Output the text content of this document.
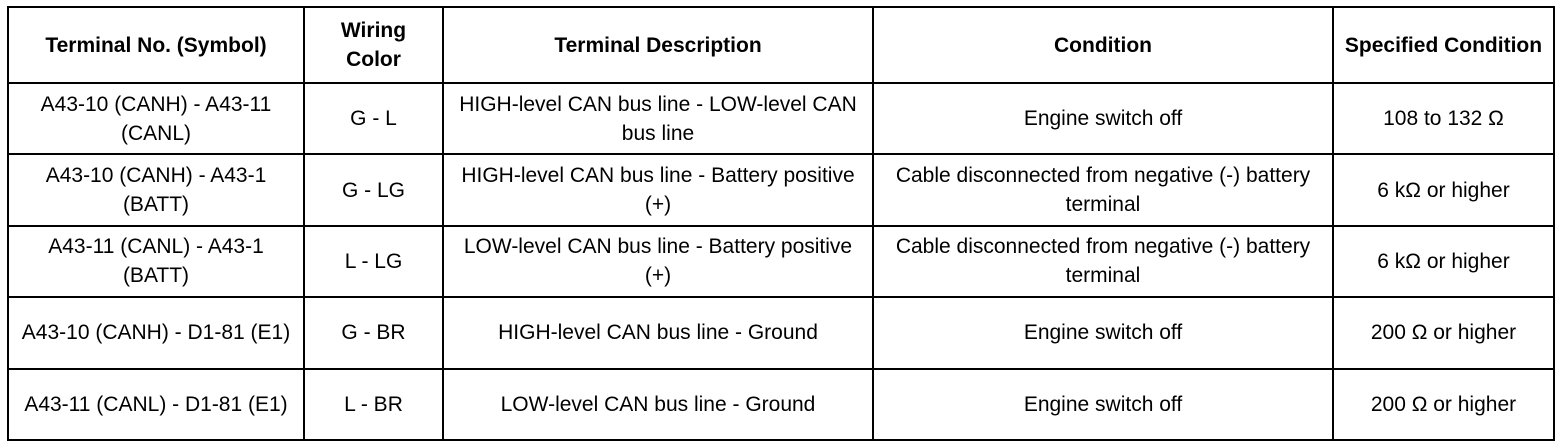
Terminal No. (Symbol)	Wiring Color	Terminal Description	Condition	Specified Condition
A43-10 (CANH) - A43-11 (CANL)	G - L	HIGH-level CAN bus line - LOW-level CAN bus line	Engine switch off	108 to 132 Ω
A43-10 (CANH) - A43-1 (BATT)	G - LG	HIGH-level CAN bus line - Battery positive (+)	Cable disconnected from negative (-) battery terminal	6 kΩ or higher
A43-11 (CANL) - A43-1 (BATT)	L - LG	LOW-level CAN bus line - Battery positive (+)	Cable disconnected from negative (-) battery terminal	6 kΩ or higher
A43-10 (CANH) - D1-81 (E1)	G - BR	HIGH-level CAN bus line - Ground	Engine switch off	200 Ω or higher
A43-11 (CANL) - D1-81 (E1)	L - BR	LOW-level CAN bus line - Ground	Engine switch off	200 Ω or higher
